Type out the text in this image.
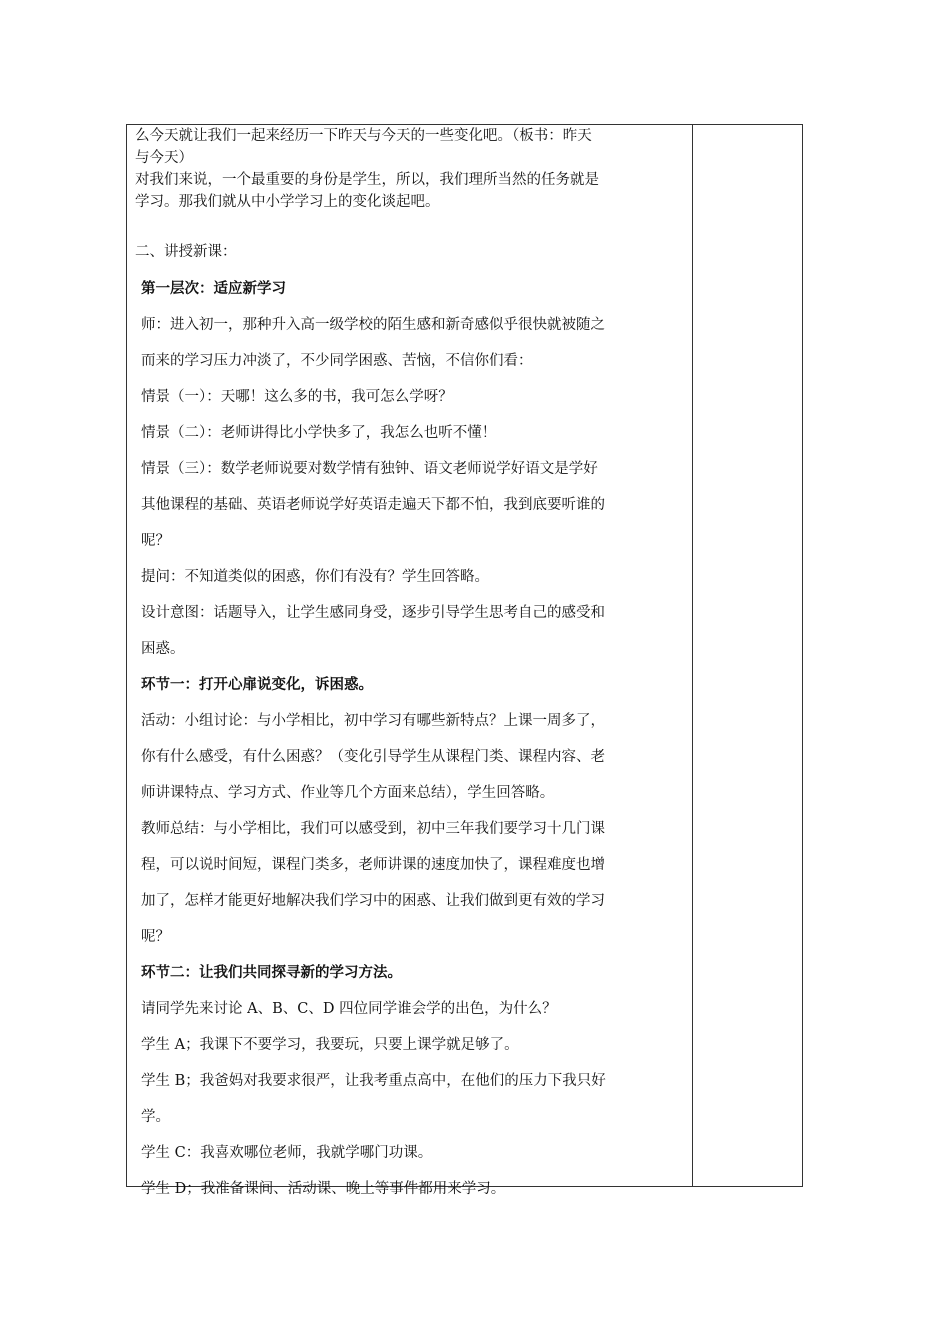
么今天就让我们一起来经历一下昨天与今天的一些变化吧。（板书：昨天

与今天）

对我们来说，一个最重要的身份是学生，所以，我们理所当然的任务就是

学习。那我们就从中小学学习上的变化谈起吧。

二、讲授新课：

第一层次：适应新学习

师：进入初一，那种升入高一级学校的陌生感和新奇感似乎很快就被随之

而来的学习压力冲淡了，不少同学困惑、苦恼，不信你们看：

情景（一）：天哪！这么多的书，我可怎么学呀？

情景（二）：老师讲得比小学快多了，我怎么也听不懂！

情景（三）：数学老师说要对数学情有独钟、语文老师说学好语文是学好

其他课程的基础、英语老师说学好英语走遍天下都不怕，我到底要听谁的

呢？

提问：不知道类似的困惑，你们有没有？学生回答略。

设计意图：话题导入，让学生感同身受，逐步引导学生思考自己的感受和

困惑。

环节一：打开心扉说变化，诉困惑。

活动：小组讨论：与小学相比，初中学习有哪些新特点？上课一周多了，

你有什么感受，有什么困惑？（变化引导学生从课程门类、课程内容、老

师讲课特点、学习方式、作业等几个方面来总结），学生回答略。

教师总结：与小学相比，我们可以感受到，初中三年我们要学习十几门课

程，可以说时间短，课程门类多，老师讲课的速度加快了，课程难度也增

加了，怎样才能更好地解决我们学习中的困惑、让我们做到更有效的学习

呢？

环节二：让我们共同探寻新的学习方法。

请同学先来讨论 A、B、C、D 四位同学谁会学的出色，为什么？

学生 A；我课下不要学习，我要玩，只要上课学就足够了。

学生 B；我爸妈对我要求很严，让我考重点高中，在他们的压力下我只好

学。

学生 C：我喜欢哪位老师，我就学哪门功课。

学生 D；我准备课间、活动课、晚上等事件都用来学习。
